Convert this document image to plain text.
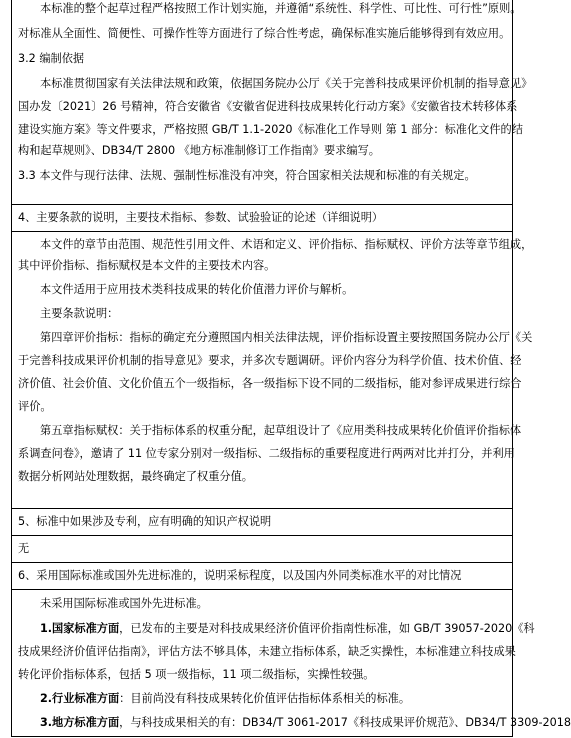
本标准的整个起草过程严格按照工作计划实施，并遵循“系统性、科学性、可比性、可行性”原则。
对标准从全面性、简便性、可操作性等方面进行了综合性考虑，确保标准实施后能够得到有效应用。
3.2 编制依据
本标准贯彻国家有关法律法规和政策，依据国务院办公厅《关于完善科技成果评价机制的指导意见》
国办发〔2021〕26 号精神，符合安徽省《安徽省促进科技成果转化行动方案》《安徽省技术转移体系
建设实施方案》等文件要求，严格按照 GB/T 1.1-2020《标准化工作导则 第 1 部分：标准化文件的结
构和起草规则》、DB34/T 2800 《地方标准制修订工作指南》要求编写。
3.3 本文件与现行法律、法规、强制性标准没有冲突，符合国家相关法规和标准的有关规定。
4、主要条款的说明，主要技术指标、参数、试验验证的论述（详细说明）
本文件的章节由范围、规范性引用文件、术语和定义、评价指标、指标赋权、评价方法等章节组成，
其中评价指标、指标赋权是本文件的主要技术内容。
本文件适用于应用技术类科技成果的转化价值潜力评价与解析。
主要条款说明：
第四章评价指标：指标的确定充分遵照国内相关法律法规，评价指标设置主要按照国务院办公厅《关
于完善科技成果评价机制的指导意见》要求，并多次专题调研。评价内容分为科学价值、技术价值、经
济价值、社会价值、文化价值五个一级指标，各一级指标下设不同的二级指标，能对参评成果进行综合
评价。
第五章指标赋权：关于指标体系的权重分配，起草组设计了《应用类科技成果转化价值评价指标体
系调查问卷》，邀请了 11 位专家分别对一级指标、二级指标的重要程度进行两两对比并打分，并利用
数据分析网站处理数据，最终确定了权重分值。
5、标准中如果涉及专利，应有明确的知识产权说明
无
6、采用国际标准或国外先进标准的，说明采标程度，以及国内外同类标准水平的对比情况
未采用国际标准或国外先进标准。
1.国家标准方面，已发布的主要是对科技成果经济价值评价指南性标准，如 GB/T 39057-2020《科
技成果经济价值评估指南》，评估方法不够具体，未建立指标体系，缺乏实操性，本标准建立科技成果
转化评价指标体系，包括 5 项一级指标，11 项二级指标，实操性较强。
2.行业标准方面：目前尚没有科技成果转化价值评估指标体系相关的标准。
3.地方标准方面，与科技成果相关的有：DB34/T 3061-2017《科技成果评价规范》、DB34/T 3309-2018
